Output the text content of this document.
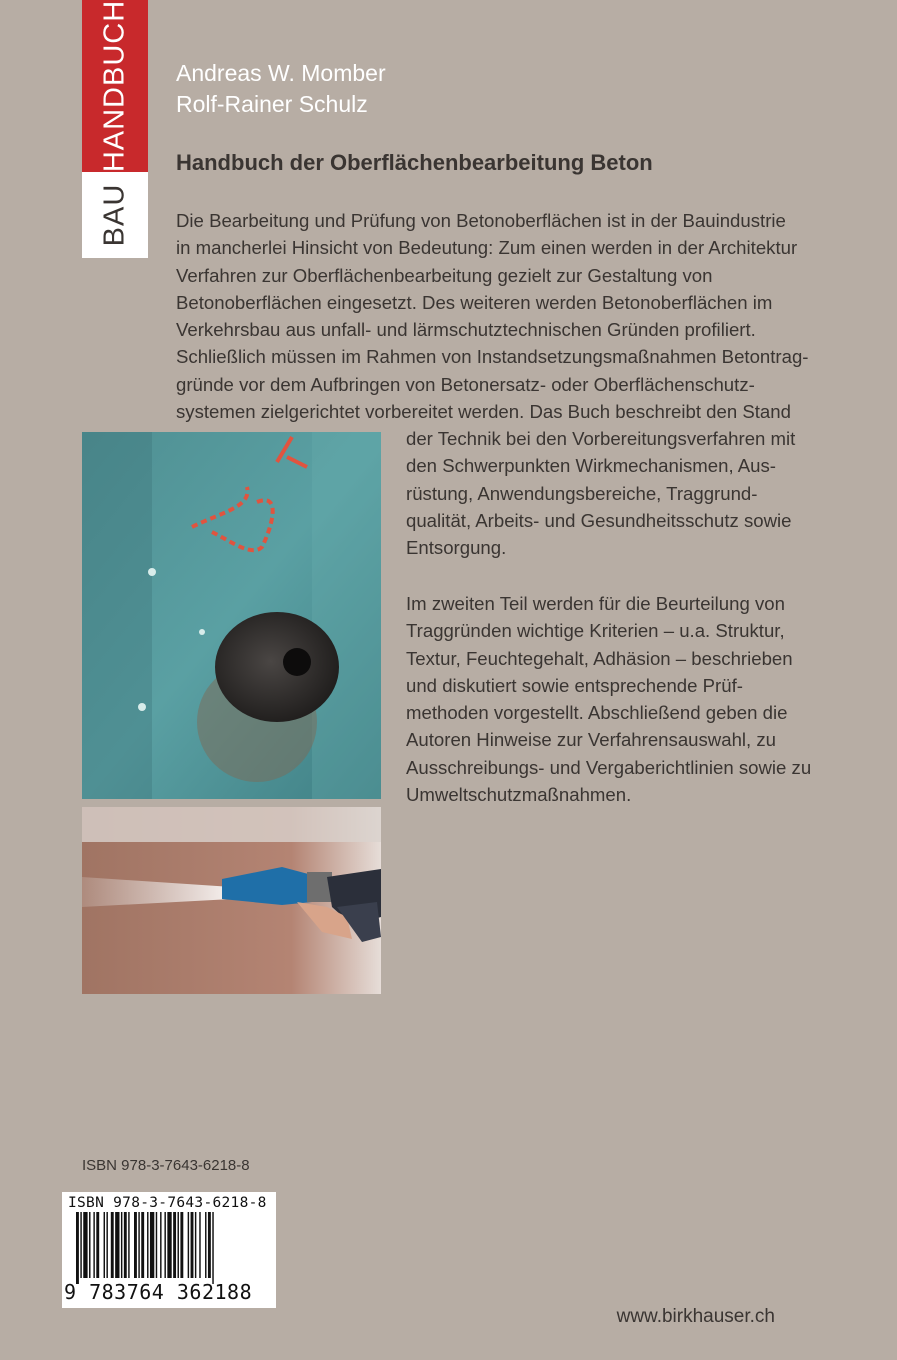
HANDBUCH
BAU
Andreas W. Momber
Rolf-Rainer Schulz
Handbuch der Oberflächenbearbeitung Beton
Die Bearbeitung und Prüfung von Betonoberflächen ist in der Bauindustrie
in mancherlei Hinsicht von Bedeutung: Zum einen werden in der Architektur
Verfahren zur Oberflächenbearbeitung gezielt zur Gestaltung von
Betonoberflächen eingesetzt. Des weiteren werden Betonoberflächen im
Verkehrsbau aus unfall- und lärmschutztechnischen Gründen profiliert.
Schließlich müssen im Rahmen von Instandsetzungsmaßnahmen Betontrag-
gründe vor dem Aufbringen von Betonersatz- oder Oberflächenschutz-
systemen zielgerichtet vorbereitet werden. Das Buch beschreibt den Stand
der Technik bei den Vorbereitungsverfahren mit
den Schwerpunkten Wirkmechanismen, Aus-
rüstung, Anwendungsbereiche, Traggrund-
qualität, Arbeits- und Gesundheitsschutz sowie
Entsorgung.
Im zweiten Teil werden für die Beurteilung von
Traggründen wichtige Kriterien – u.a. Struktur,
Textur, Feuchtegehalt, Adhäsion – beschrieben
und diskutiert sowie entsprechende Prüf-
methoden vorgestellt. Abschließend geben die
Autoren Hinweise zur Verfahrensauswahl, zu
Ausschreibungs- und Vergaberichtlinien sowie zu
Umweltschutzmaßnahmen.
ISBN 978-3-7643-6218-8
ISBN 978-3-7643-6218-8
9 783764 362188
www.birkhauser.ch
